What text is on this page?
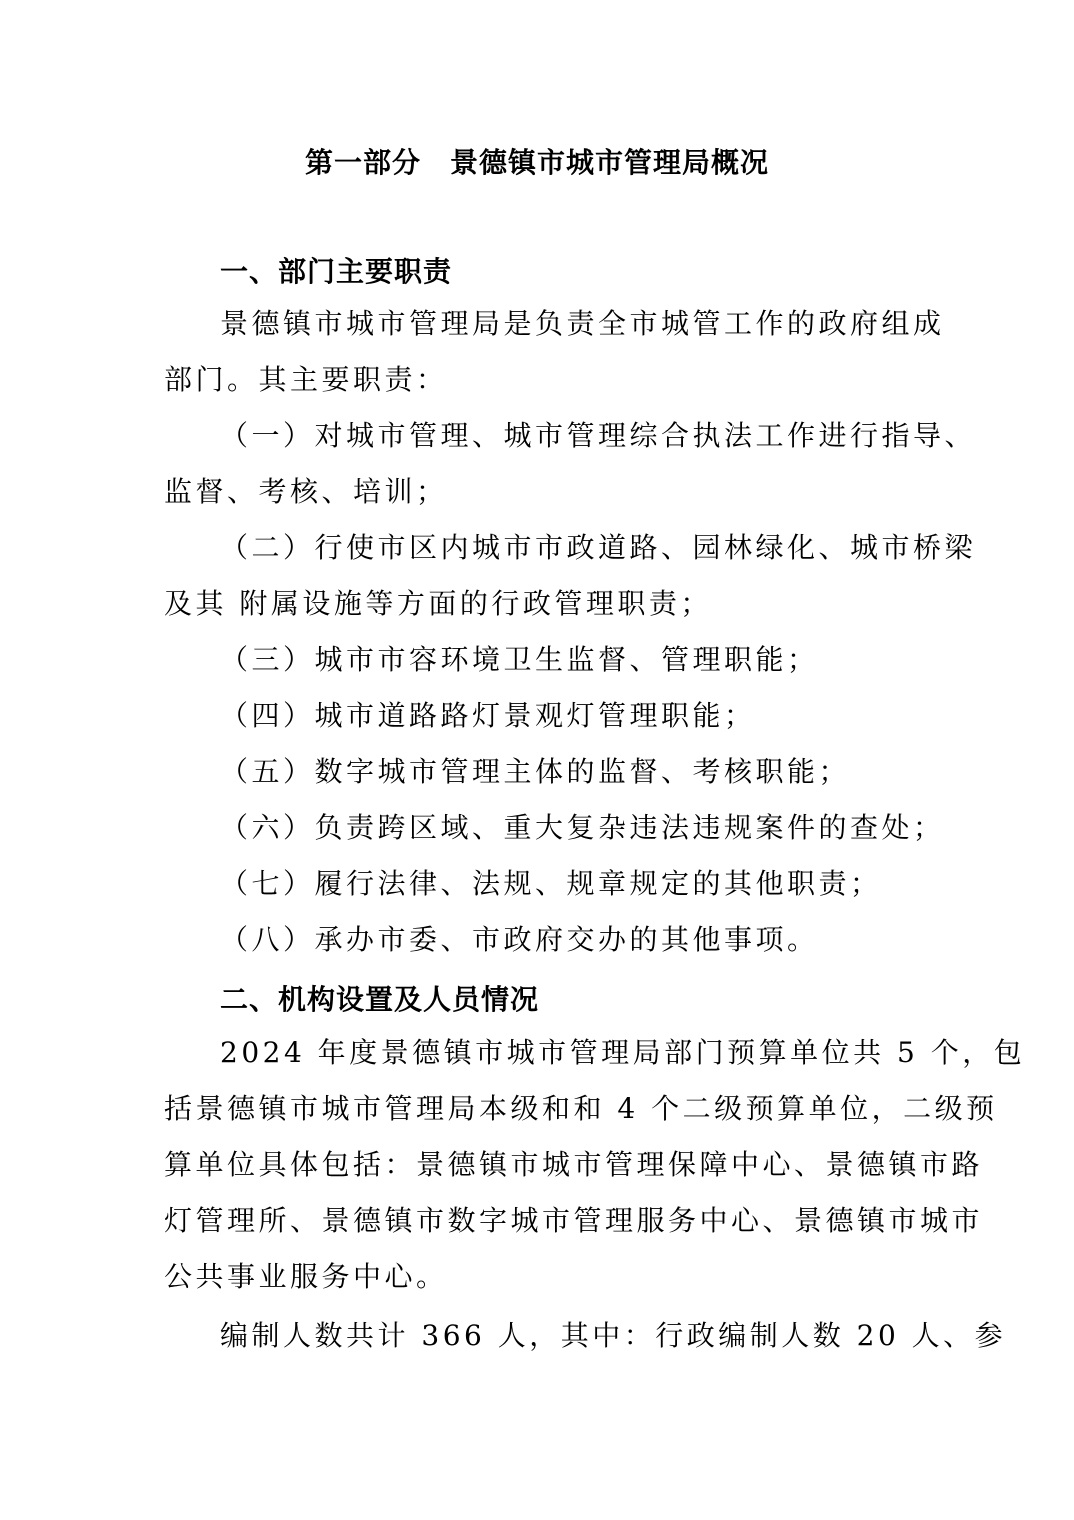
第一部分　景德镇市城市管理局概况
一、部门主要职责

景德镇市城市管理局是负责全市城管工作的政府组成

部门。其主要职责：

（一）对城市管理、城市管理综合执法工作进行指导、

监督、考核、培训；

（二）行使市区内城市市政道路、园林绿化、城市桥梁

及其 附属设施等方面的行政管理职责；

（三）城市市容环境卫生监督、管理职能；

（四）城市道路路灯景观灯管理职能；

（五）数字城市管理主体的监督、考核职能；

（六）负责跨区域、重大复杂违法违规案件的查处；

（七）履行法律、法规、规章规定的其他职责；

（八）承办市委、市政府交办的其他事项。

二、机构设置及人员情况

2024 年度景德镇市城市管理局部门预算单位共 5 个，包

括景德镇市城市管理局本级和和 4 个二级预算单位，二级预

算单位具体包括：景德镇市城市管理保障中心、景德镇市路

灯管理所、景德镇市数字城市管理服务中心、景德镇市城市

公共事业服务中心。

编制人数共计 366 人，其中：行政编制人数 20 人、参
